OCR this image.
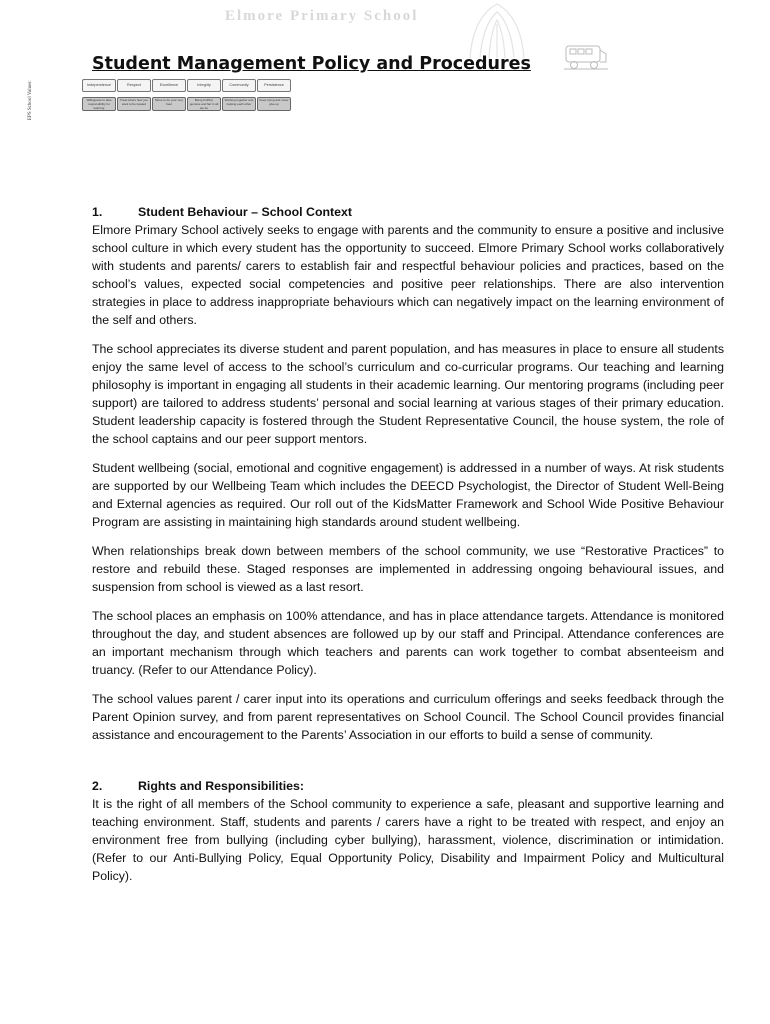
Elmore Primary School
EPS School Values:
Student Management Policy and Procedures
Independence
Willingness to take responsibility for learning
Respect
Treat others how you want to be treated
Excellence
Strive to do your very best
Integrity
Being truthful, genuine and fair in all we do
Community
Working together and helping each other
Persistence
Keep trying and never give up
1.	Student Behaviour – School Context

Elmore Primary School actively seeks to engage with parents and the community to ensure a positive and inclusive school culture in which every student has the opportunity to succeed. Elmore Primary School works collaboratively with students and parents/ carers to establish fair and respectful behaviour policies and practices, based on the school’s values, expected social competencies and positive peer relationships. There are also intervention strategies in place to address inappropriate behaviours which can negatively impact on the learning environment of the self and others.

The school appreciates its diverse student and parent population, and has measures in place to ensure all students enjoy the same level of access to the school’s curriculum and co-curricular programs. Our teaching and learning philosophy is important in engaging all students in their academic learning. Our mentoring programs (including peer support) are tailored to address students’ personal and social learning at various stages of their primary education. Student leadership capacity is fostered through the Student Representative Council, the house system, the role of the school captains and our peer support mentors.

Student wellbeing (social, emotional and cognitive engagement) is addressed in a number of ways. At risk students are supported by our Wellbeing Team which includes the DEECD Psychologist, the Director of Student Well-Being and External agencies as required. Our roll out of the KidsMatter Framework and School Wide Positive Behaviour Program are assisting in maintaining high standards around student wellbeing.

When relationships break down between members of the school community, we use “Restorative Practices” to restore and rebuild these. Staged responses are implemented in addressing ongoing behavioural issues, and suspension from school is viewed as a last resort.

The school places an emphasis on 100% attendance, and has in place attendance targets. Attendance is monitored throughout the day, and student absences are followed up by our staff and Principal. Attendance conferences are an important mechanism through which teachers and parents can work together to combat absenteeism and truancy. (Refer to our Attendance Policy).

The school values parent / carer input into its operations and curriculum offerings and seeks feedback through the Parent Opinion survey, and from parent representatives on School Council. The School Council provides financial assistance and encouragement to the Parents’ Association in our efforts to build a sense of community.

2.	Rights and Responsibilities:

It is the right of all members of the School community to experience a safe, pleasant and supportive learning and teaching environment. Staff, students and parents / carers have a right to be treated with respect, and enjoy an environment free from bullying (including cyber bullying), harassment, violence, discrimination or intimidation. (Refer to our Anti-Bullying Policy, Equal Opportunity Policy, Disability and Impairment Policy and Multicultural Policy).
